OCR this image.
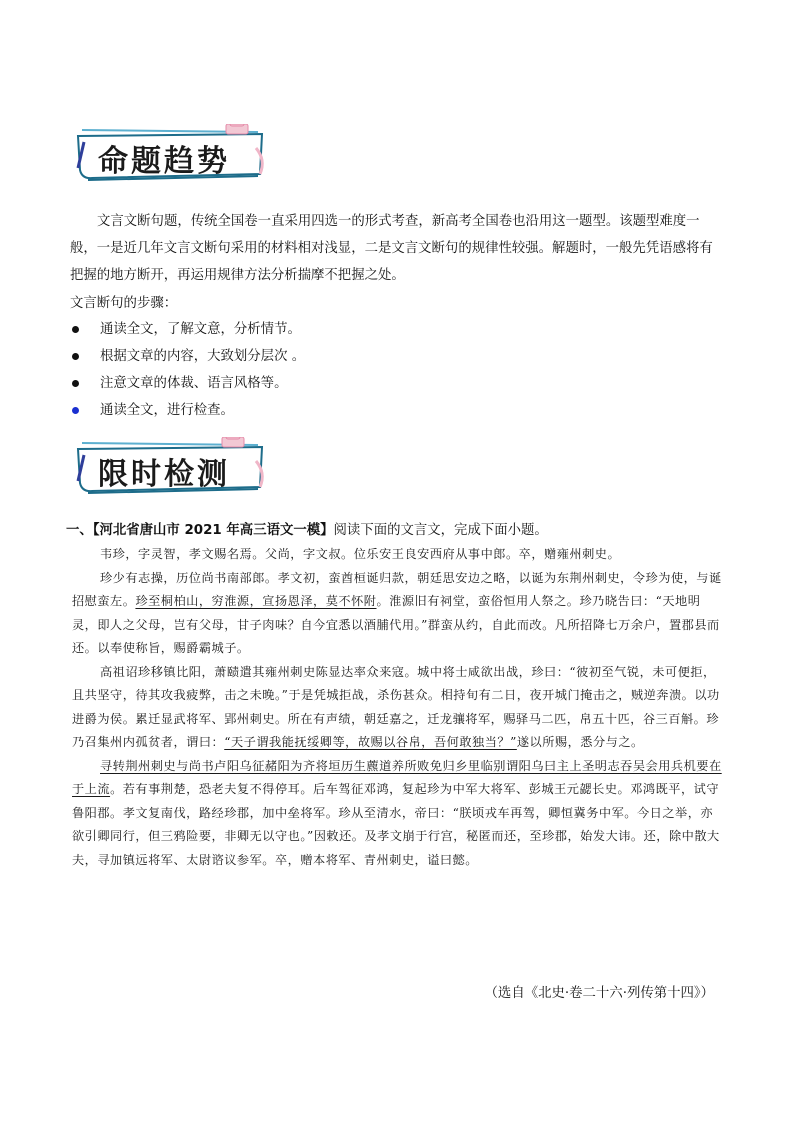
命题趋势

文言文断句题，传统全国卷一直采用四选一的形式考查，新高考全国卷也沿用这一题型。该题型难度一般，一是近几年文言文断句采用的材料相对浅显，二是文言文断句的规律性较强。解题时，一般先凭语感将有把握的地方断开，再运用规律方法分析揣摩不把握之处。

文言断句的步骤：
通读全文，了解文意，分析情节。
根据文章的内容，大致划分层次 。
注意文章的体裁、语言风格等。
通读全文，进行检查。
限时检测
一、【河北省唐山市 2021 年高三语文一模】阅读下面的文言文，完成下面小题。

韦珍，字灵智，孝文赐名焉。父尚，字文叔。位乐安王良安西府从事中郎。卒，赠雍州刺史。

珍少有志操，历位尚书南部郎。孝文初，蛮酋桓诞归款，朝廷思安边之略，以诞为东荆州刺史，令珍为使，与诞招慰蛮左。珍至桐柏山，穷淮源，宣扬恩泽，莫不怀附。淮源旧有祠堂，蛮俗恒用人祭之。珍乃晓告曰：“天地明灵，即人之父母，岂有父母，甘子肉味？自今宜悉以酒脯代用。”群蛮从约，自此而改。凡所招降七万余户，置郡县而还。以奉使称旨，赐爵霸城子。

高祖诏珍移镇比阳，萧赜遣其雍州刺史陈显达率众来寇。城中将士咸欲出战，珍曰：“彼初至气锐，未可便拒，且共坚守，待其攻我疲弊，击之未晚。”于是凭城拒战，杀伤甚众。相持旬有二日，夜开城门掩击之，贼逆奔溃。以功进爵为侯。累迁显武将军、郢州刺史。所在有声绩，朝廷嘉之，迁龙骧将军，赐驿马二匹，帛五十匹，谷三百斛。珍乃召集州内孤贫者，谓曰：“天子谓我能抚绥卿等，故赐以谷帛，吾何敢独当？”遂以所赐，悉分与之。

寻转荆州刺史与尚书卢阳乌征赭阳为齐将垣历生藨道养所败免归乡里临别谓阳乌曰主上圣明志吞吴会用兵机要在于上流。若有事荆楚，恐老夫复不得停耳。后车驾征邓鸿，复起珍为中军大将军、彭城王元勰长史。邓鸿既平，试守鲁阳郡。孝文复南伐，路经珍郡，加中垒将军。珍从至清水，帝曰：“朕顷戎车再驾，卿恒冀务中军。今日之举，亦欲引卿同行，但三鸦险要，非卿无以守也。”因敕还。及孝文崩于行宫，秘匿而还，至珍郡，始发大讳。还，除中散大夫，寻加镇远将军、太尉谘议参军。卒，赠本将军、青州刺史，谥曰懿。

（选自《北史·卷二十六·列传第十四》）
